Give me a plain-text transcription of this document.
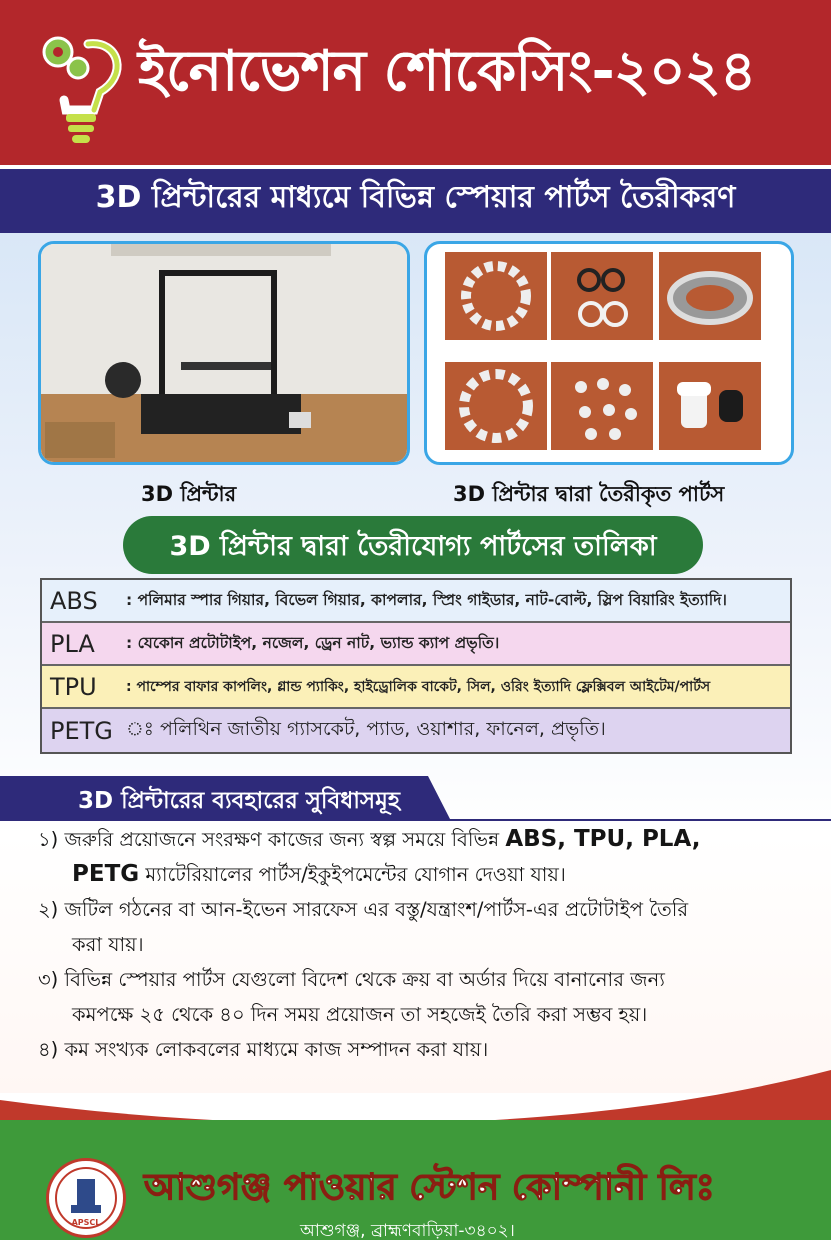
ইনোভেশন শোকেসিং-২০২৪
3D প্রিন্টারের মাধ্যমে বিভিন্ন স্পেয়ার পার্টস তৈরীকরণ
3D প্রিন্টার	3D প্রিন্টার দ্বারা তৈরীকৃত পার্টস
3D প্রিন্টার দ্বারা তৈরীযোগ্য পার্টসের তালিকা
ABS	: পলিমার স্পার গিয়ার, বিভেল গিয়ার, কাপলার, স্প্রিং গাইডার, নাট-বোল্ট, স্লিপ বিয়ারিং ইত্যাদি।
PLA	: যেকোন প্রটোটাইপ, নজেল, ড্রেন নাট, ভ্যান্ড ক্যাপ প্রভৃতি।
TPU	: পাম্পের বাফার কাপলিং, গ্লান্ড প্যাকিং, হাইড্রোলিক বাকেট, সিল, ওরিং ইত্যাদি ফ্লেক্সিবল আইটেম/পার্টস
PETG ঃ পলিথিন জাতীয় গ্যাসকেট, প্যাড, ওয়াশার, ফানেল, প্রভৃতি।
3D প্রিন্টারের ব্যবহারের সুবিধাসমূহ
১) জরুরি প্রয়োজনে সংরক্ষণ কাজের জন্য স্বল্প সময়ে বিভিন্ন ABS, TPU, PLA,
PETG ম্যাটেরিয়ালের পার্টস/ইকুইপমেন্টের যোগান দেওয়া যায়।
২) জটিল গঠনের বা আন-ইভেন সারফেস এর বস্তু/যন্ত্রাংশ/পার্টস-এর প্রটোটাইপ তৈরি
করা যায়।
৩) বিভিন্ন স্পেয়ার পার্টস যেগুলো বিদেশ থেকে ক্রয় বা অর্ডার দিয়ে বানানোর জন্য
কমপক্ষে ২৫ থেকে ৪০ দিন সময় প্রয়োজন তা সহজেই তৈরি করা সম্ভব হয়।
৪) কম সংখ্যক লোকবলের মাধ্যমে কাজ সম্পাদন করা যায়।
APSCL
আশুগঞ্জ পাওয়ার স্টেশন কোম্পানী লিঃ
আশুগঞ্জ, ব্রাহ্মণবাড়িয়া-৩৪০২।
